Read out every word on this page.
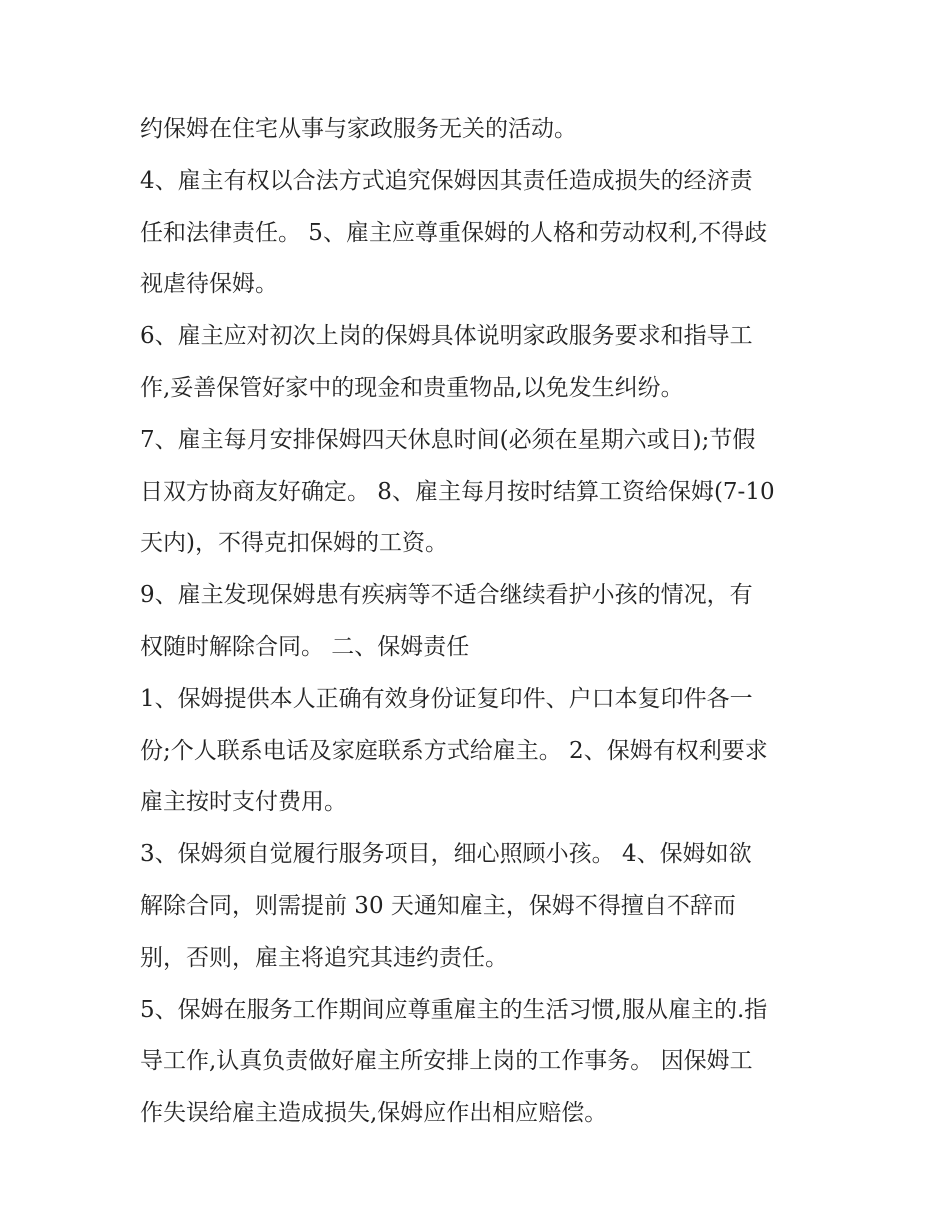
约保姆在住宅从事与家政服务无关的活动。
4、雇主有权以合法方式追究保姆因其责任造成损失的经济责
任和法律责任。 5、雇主应尊重保姆的人格和劳动权利,不得歧
视虐待保姆。
6、雇主应对初次上岗的保姆具体说明家政服务要求和指导工
作,妥善保管好家中的现金和贵重物品,以免发生纠纷。
7、雇主每月安排保姆四天休息时间(必须在星期六或日);节假
日双方协商友好确定。 8、雇主每月按时结算工资给保姆(7-10
天内)，不得克扣保姆的工资。
9、雇主发现保姆患有疾病等不适合继续看护小孩的情况，有
权随时解除合同。 二、保姆责任
1、保姆提供本人正确有效身份证复印件、户口本复印件各一
份;个人联系电话及家庭联系方式给雇主。 2、保姆有权利要求
雇主按时支付费用。
3、保姆须自觉履行服务项目，细心照顾小孩。 4、保姆如欲
解除合同，则需提前 30 天通知雇主，保姆不得擅自不辞而
别，否则，雇主将追究其违约责任。
5、保姆在服务工作期间应尊重雇主的生活习惯,服从雇主的.指
导工作,认真负责做好雇主所安排上岗的工作事务。 因保姆工
作失误给雇主造成损失,保姆应作出相应赔偿。
